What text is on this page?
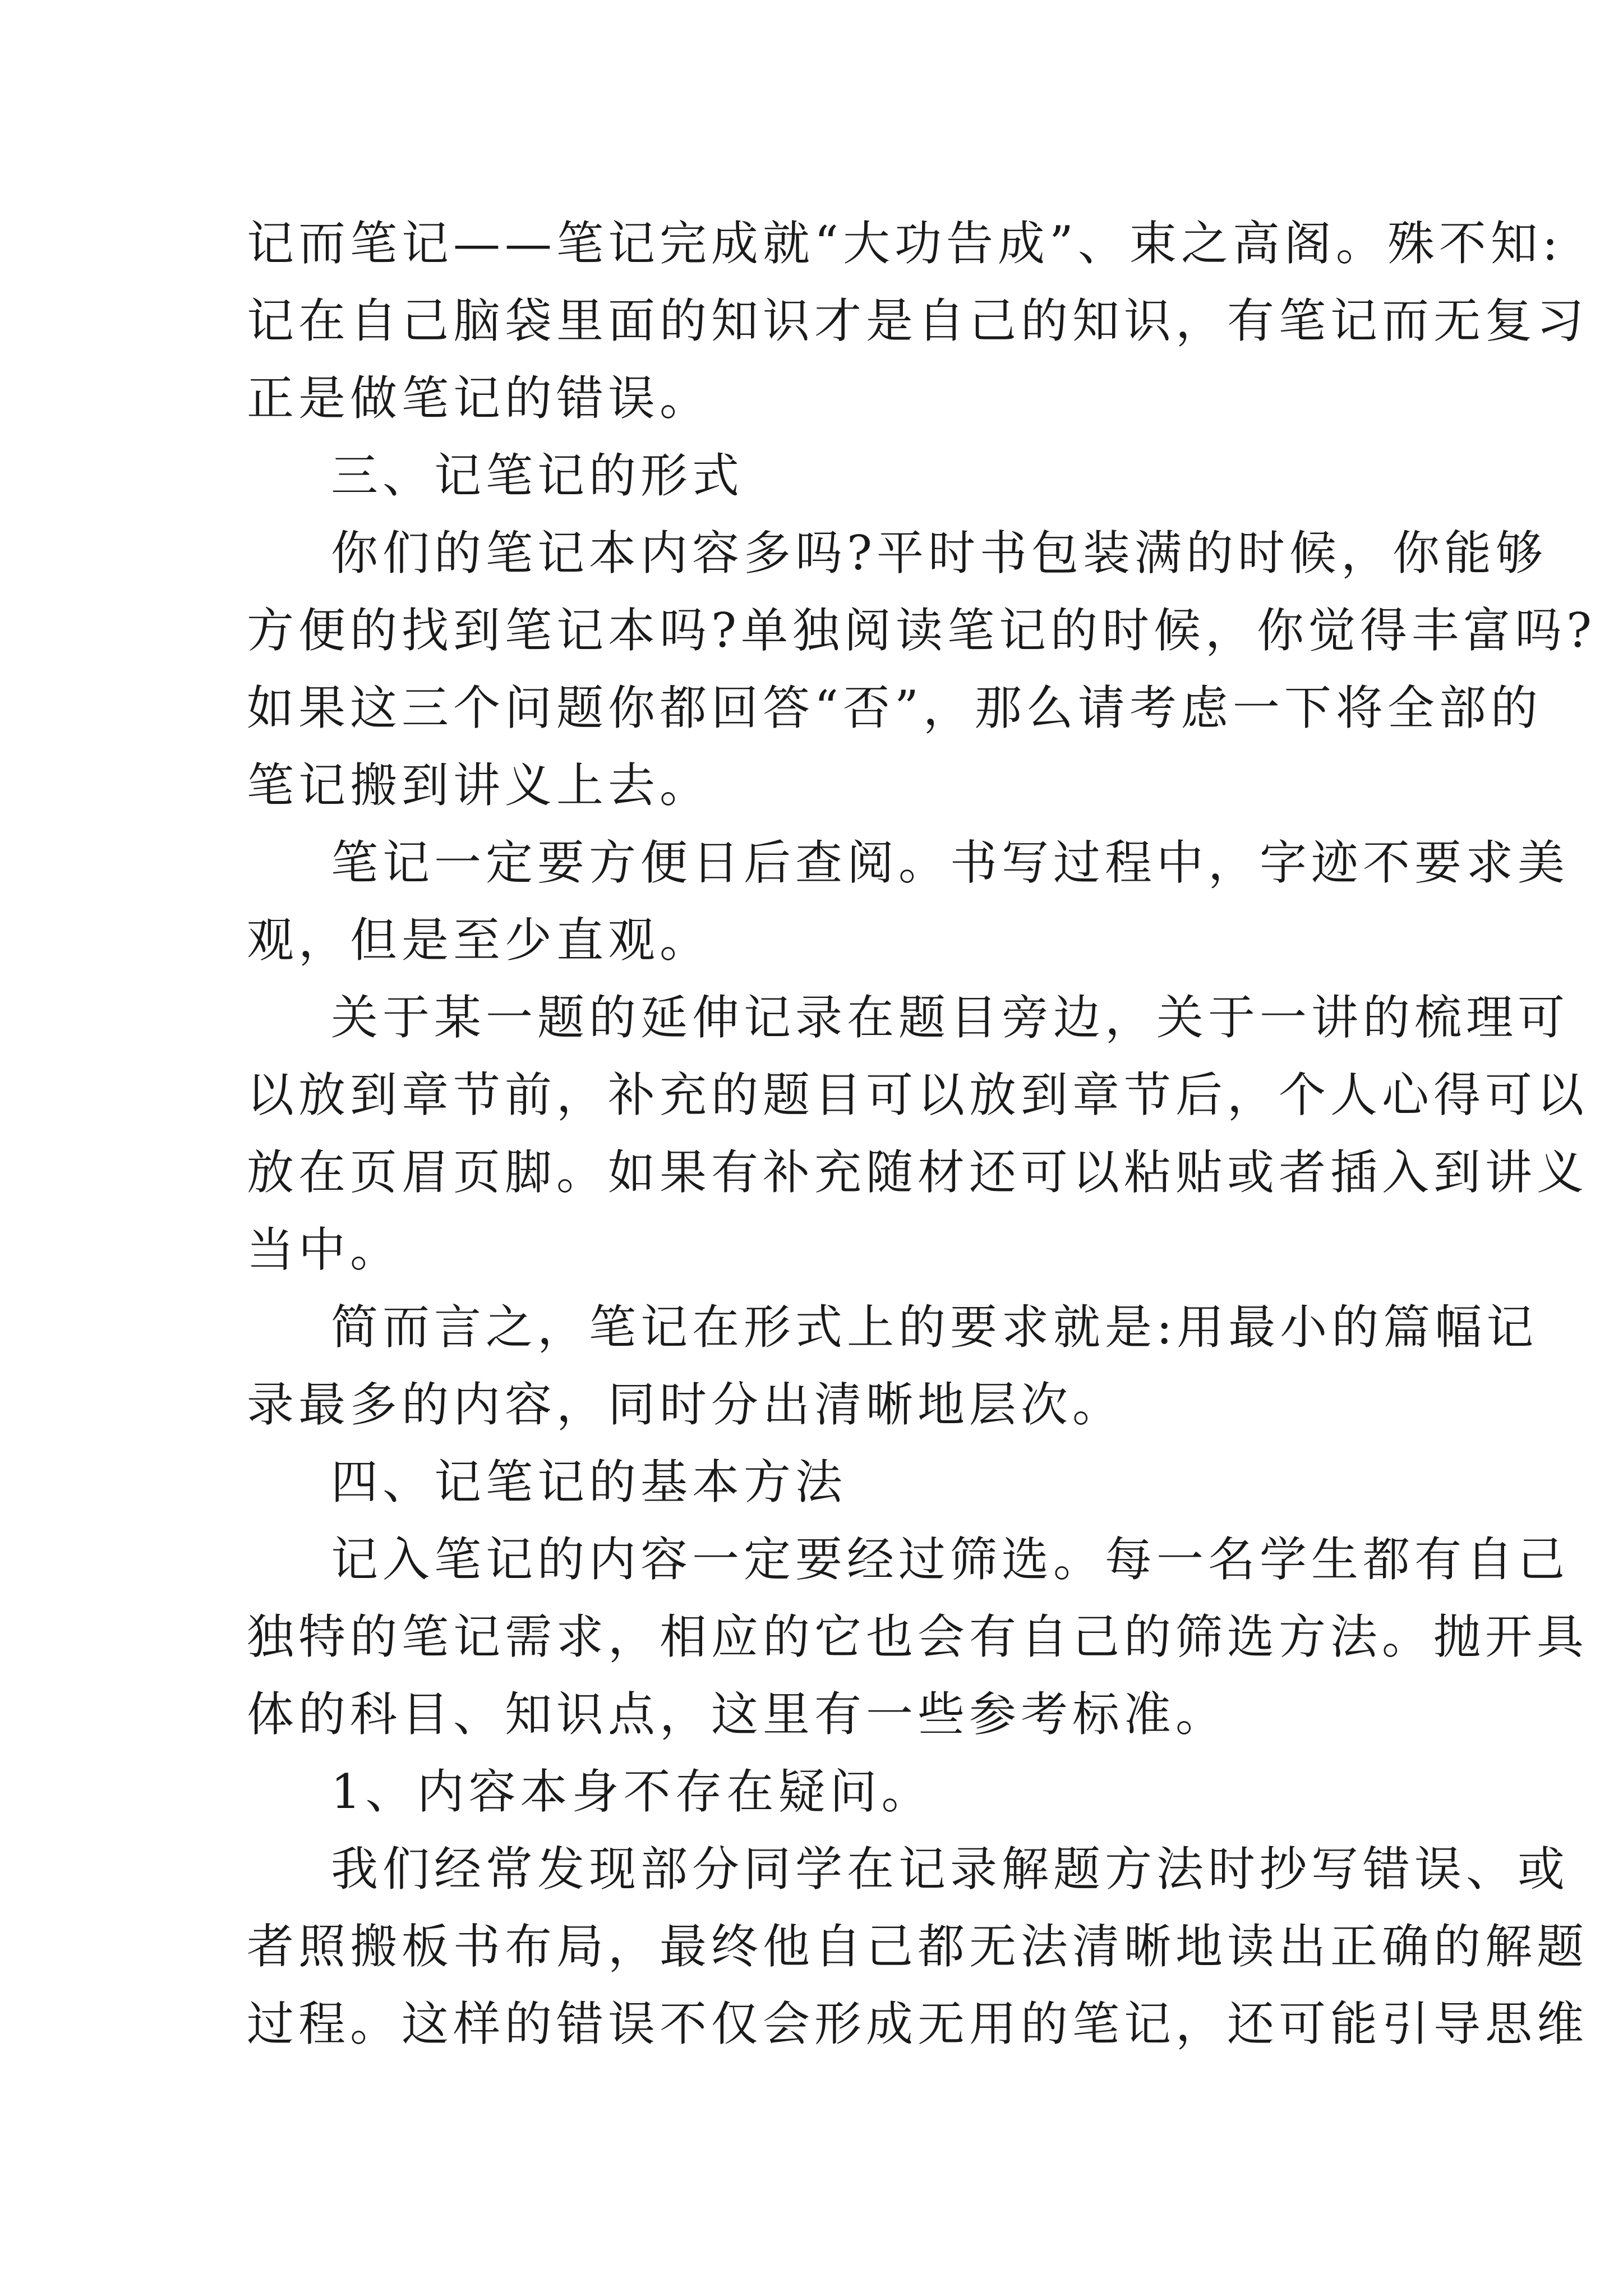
记而笔记——笔记完成就“大功告成”、束之高阁。殊不知:
记在自己脑袋里面的知识才是自己的知识，有笔记而无复习
正是做笔记的错误。
三、记笔记的形式
你们的笔记本内容多吗?平时书包装满的时候，你能够
方便的找到笔记本吗?单独阅读笔记的时候，你觉得丰富吗?
如果这三个问题你都回答“否”，那么请考虑一下将全部的
笔记搬到讲义上去。
笔记一定要方便日后查阅。书写过程中，字迹不要求美
观，但是至少直观。
关于某一题的延伸记录在题目旁边，关于一讲的梳理可
以放到章节前，补充的题目可以放到章节后，个人心得可以
放在页眉页脚。如果有补充随材还可以粘贴或者插入到讲义
当中。
简而言之，笔记在形式上的要求就是:用最小的篇幅记
录最多的内容，同时分出清晰地层次。
四、记笔记的基本方法
记入笔记的内容一定要经过筛选。每一名学生都有自己
独特的笔记需求，相应的它也会有自己的筛选方法。抛开具
体的科目、知识点，这里有一些参考标准。
1、内容本身不存在疑问。
我们经常发现部分同学在记录解题方法时抄写错误、或
者照搬板书布局，最终他自己都无法清晰地读出正确的解题
过程。这样的错误不仅会形成无用的笔记，还可能引导思维
